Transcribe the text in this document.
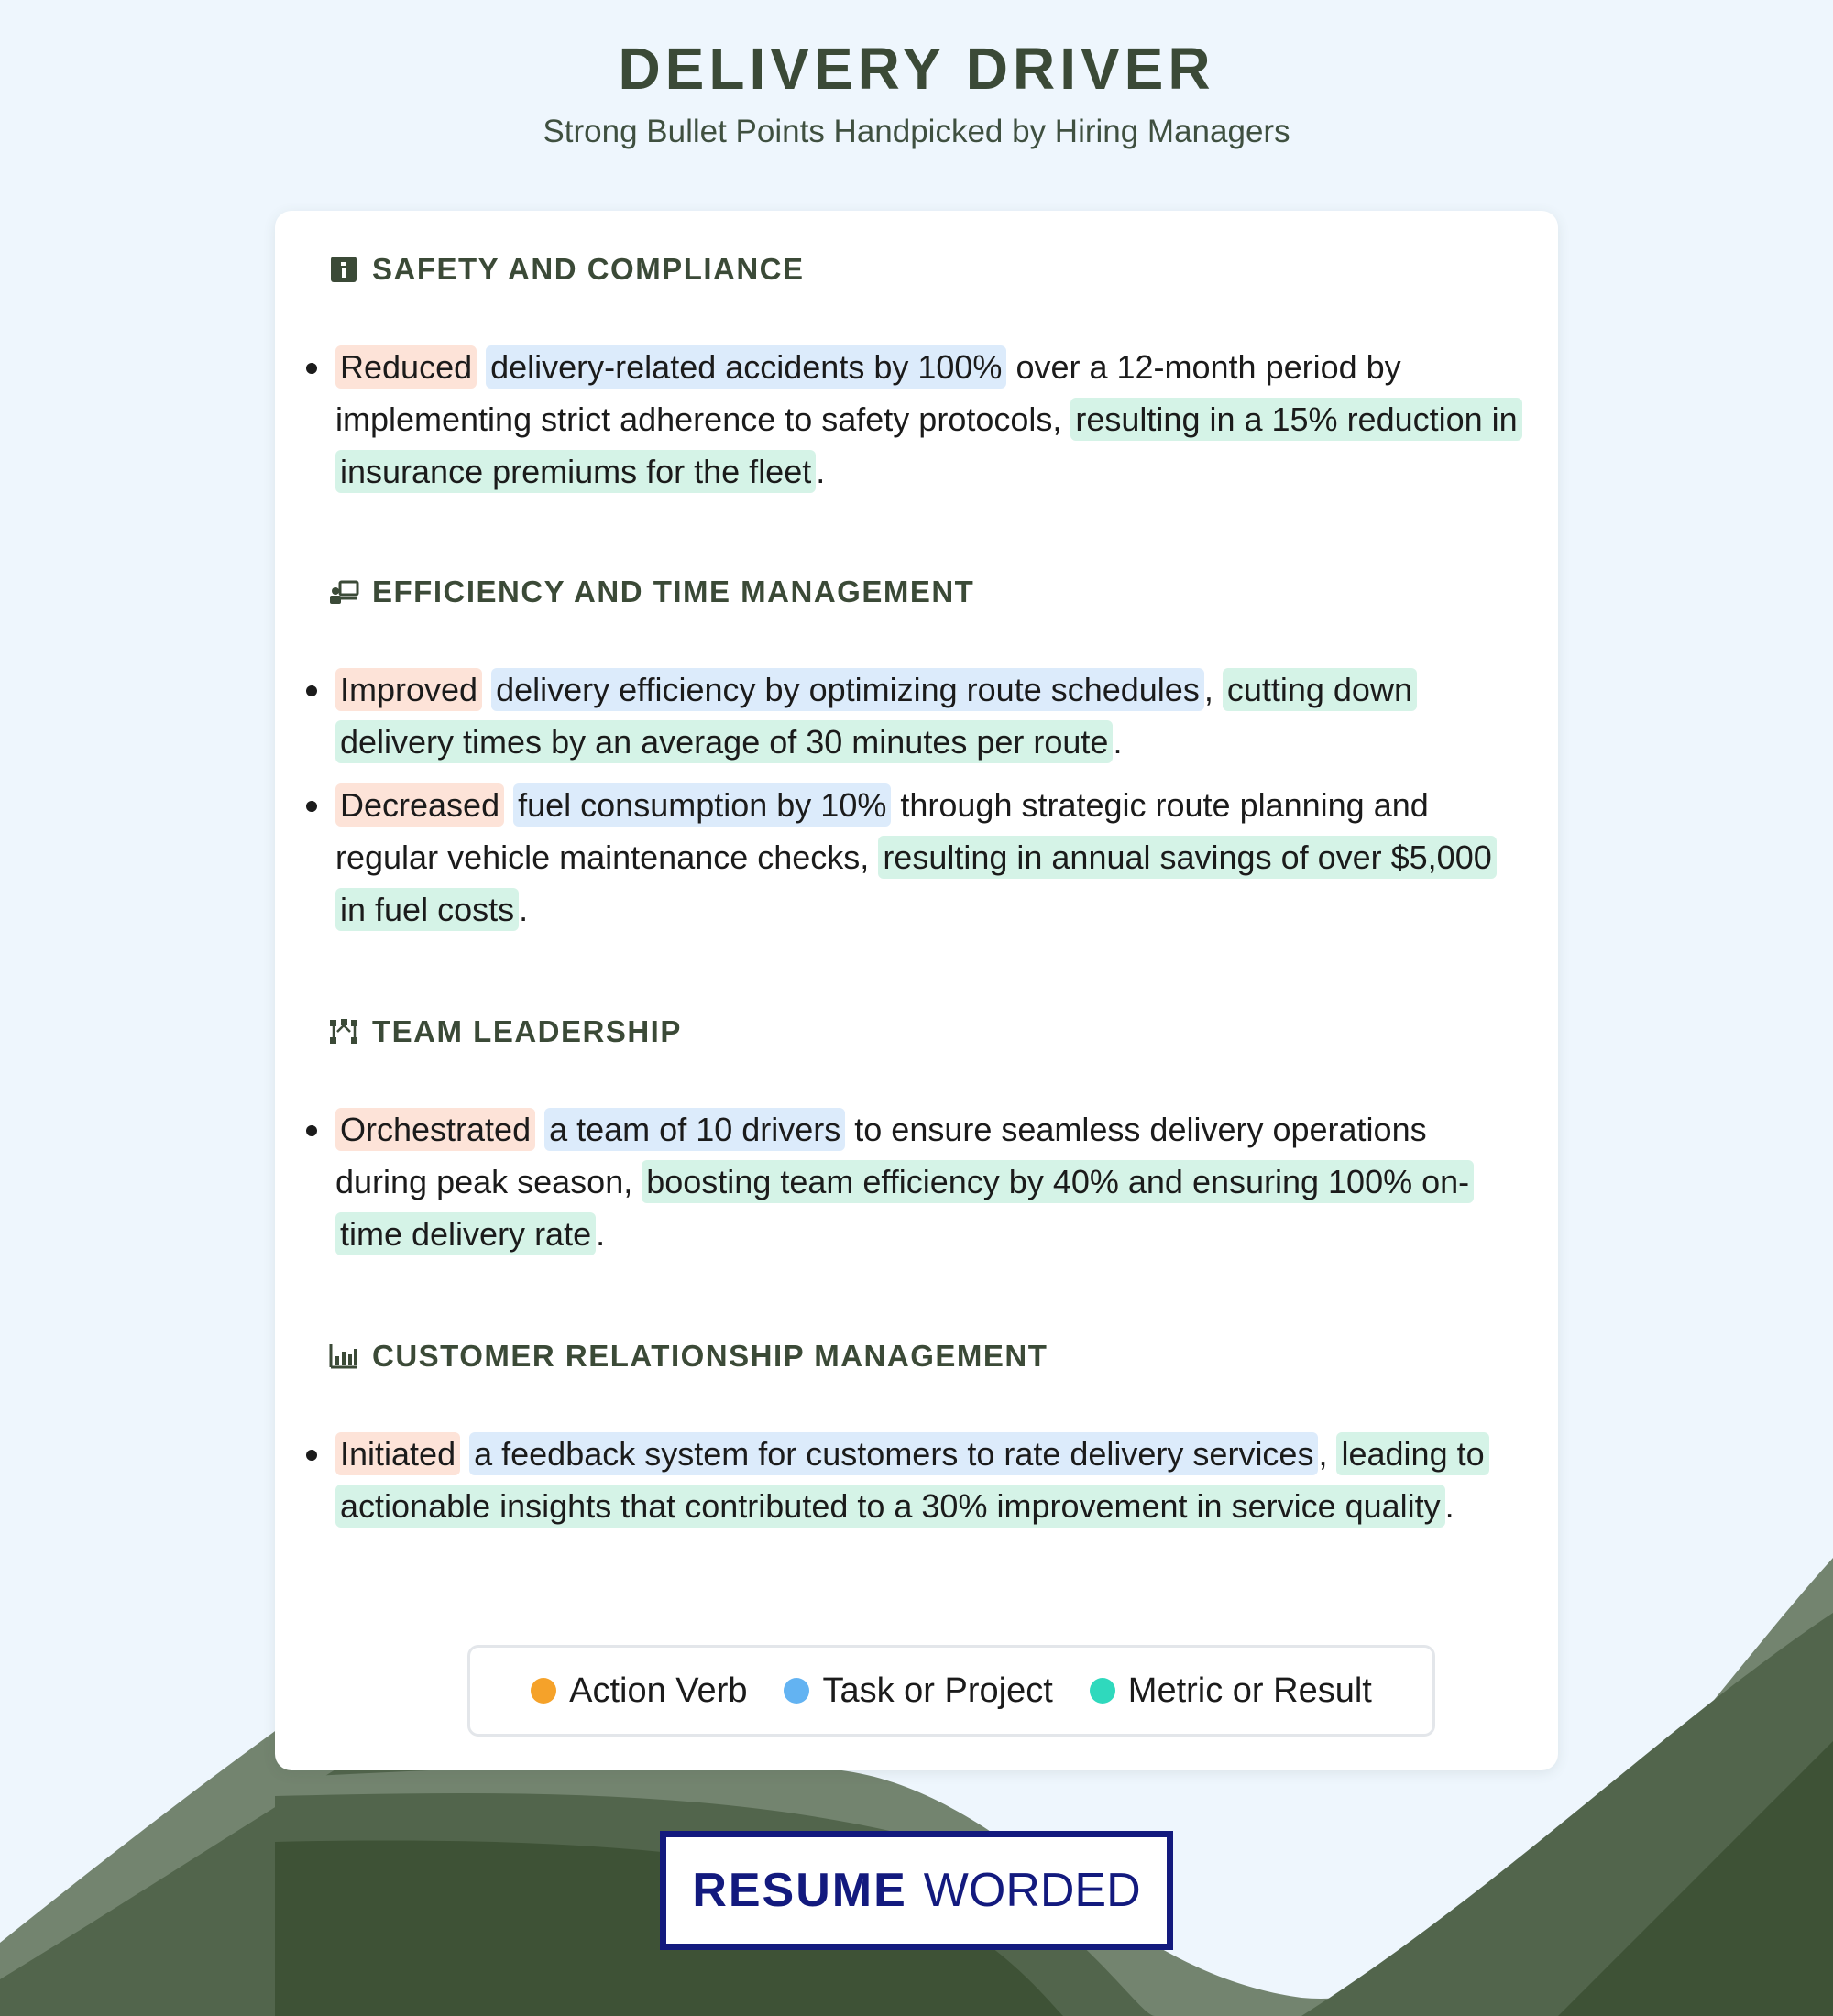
DELIVERY DRIVER
Strong Bullet Points Handpicked by Hiring Managers
SAFETY AND COMPLIANCE
Reduced delivery-related accidents by 100% over a 12-month period by implementing strict adherence to safety protocols, resulting in a 15% reduction in insurance premiums for the fleet .
EFFICIENCY AND TIME MANAGEMENT
Improved delivery efficiency by optimizing route schedules , cutting down delivery times by an average of 30 minutes per route .
Decreased fuel consumption by 10% through strategic route planning and regular vehicle maintenance checks, resulting in annual savings of over $5,000 in fuel costs .
TEAM LEADERSHIP
Orchestrated a team of 10 drivers to ensure seamless delivery operations during peak season, boosting team efficiency by 40% and ensuring 100% on-time delivery rate .
CUSTOMER RELATIONSHIP MANAGEMENT
Initiated a feedback system for customers to rate delivery services , leading to actionable insights that contributed to a 30% improvement in service quality .
Action Verb Task or Project Metric or Result
RESUME WORDED
